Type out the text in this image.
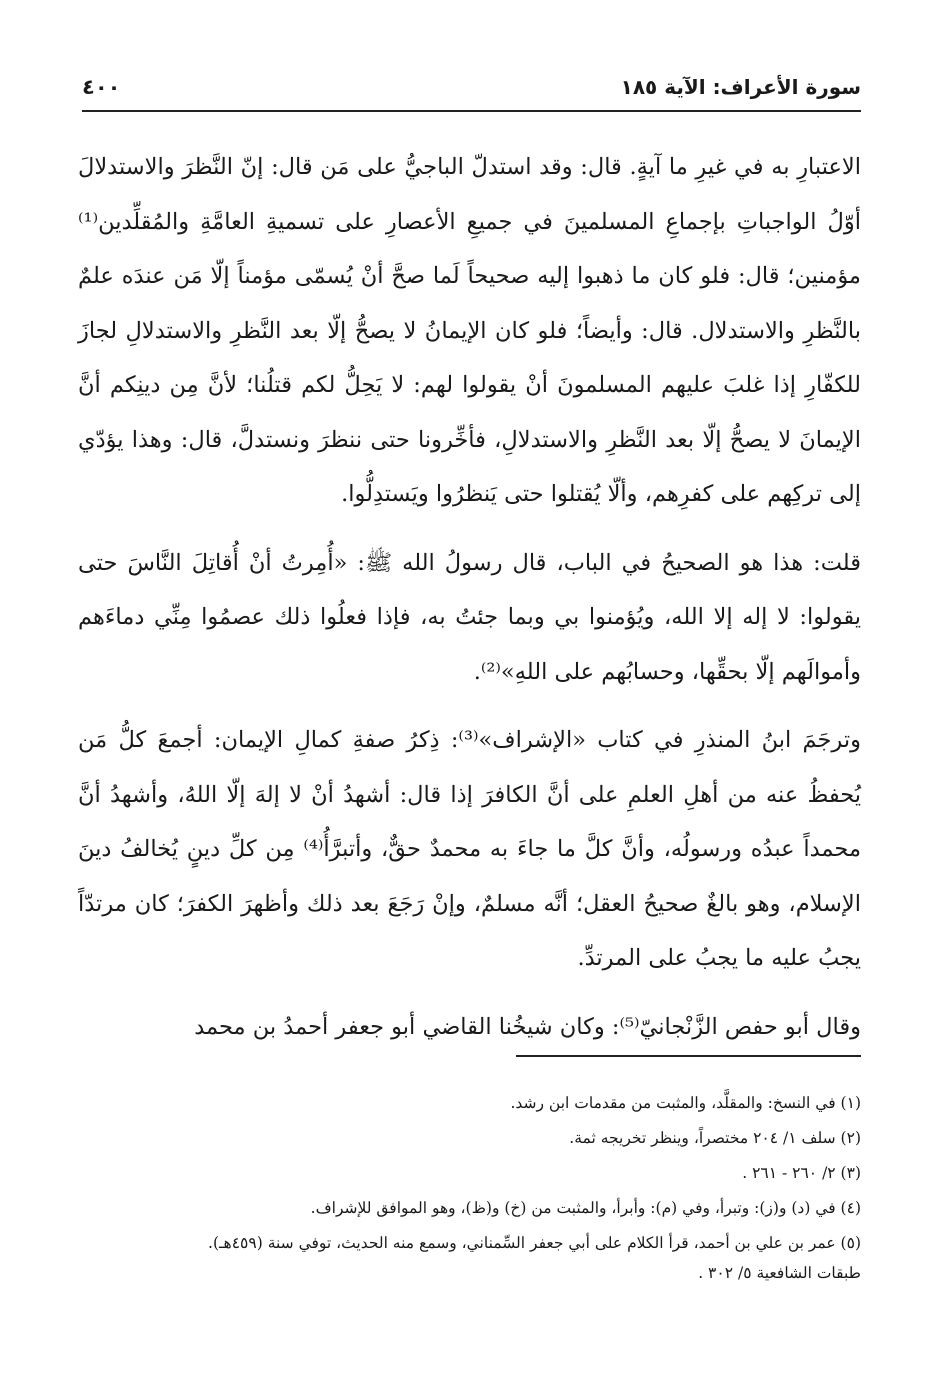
سورة الأعراف: الآية ١٨٥
٤٠٠

الاعتبارِ به في غيرِ ما آيةٍ. قال: وقد استدلّ الباجيُّ على مَن قال: إنّ النَّظرَ والاستدلالَ أوّلُ الواجباتِ بإجماعِ المسلمينَ في جميعِ الأعصارِ على تسميةِ العامَّةِ والمُقلِّدين⁽¹⁾ مؤمنين؛ قال: فلو كان ما ذهبوا إليه صحيحاً لَما صحَّ أنْ يُسمّى مؤمناً إلّا مَن عندَه علمٌ بالنَّظرِ والاستدلال. قال: وأيضاً؛ فلو كان الإيمانُ لا يصحُّ إلّا بعد النَّظرِ والاستدلالِ لجازَ للكفّارِ إذا غلبَ عليهم المسلمونَ أنْ يقولوا لهم: لا يَحِلُّ لكم قتلُنا؛ لأنَّ مِن دينِكم أنَّ الإيمانَ لا يصحُّ إلّا بعد النَّظرِ والاستدلالِ، فأخِّرونا حتى ننظرَ ونستدلَّ، قال: وهذا يؤدّي إلى تركِهم على كفرِهم، وألّا يُقتلوا حتى يَنظرُوا ويَستدِلُّوا.

قلت: هذا هو الصحيحُ في الباب، قال رسولُ الله ﷺ: «أُمِرتُ أنْ أُقاتِلَ النَّاسَ حتى يقولوا: لا إله إلا الله، ويُؤمنوا بي وبما جئتُ به، فإذا فعلُوا ذلك عصمُوا مِنِّي دماءَهم وأموالَهم إلّا بحقِّها، وحسابُهم على اللهِ»⁽²⁾.

وترجَمَ ابنُ المنذرِ في كتاب «الإشراف»⁽³⁾: ذِكرُ صفةِ كمالِ الإيمان: أجمعَ كلُّ مَن يُحفظُ عنه من أهلِ العلمِ على أنَّ الكافرَ إذا قال: أشهدُ أنْ لا إلهَ إلّا اللهُ، وأشهدُ أنَّ محمداً عبدُه ورسولُه، وأنَّ كلَّ ما جاءَ به محمدٌ حقٌّ، وأتبرَّأُ⁽⁴⁾ مِن كلِّ دينٍ يُخالفُ دينَ الإسلام، وهو بالغٌ صحيحُ العقل؛ أنَّه مسلمٌ، وإنْ رَجَعَ بعد ذلك وأظهرَ الكفرَ؛ كان مرتدّاً يجبُ عليه ما يجبُ على المرتدِّ.

وقال أبو حفص الزَّنْجانيّ⁽⁵⁾: وكان شيخُنا القاضي أبو جعفر أحمدُ بن محمد

(١) في النسخ: والمقلَّد، والمثبت من مقدمات ابن رشد.
(٢) سلف ١/ ٢٠٤ مختصراً، وينظر تخريجه ثمة.
(٣) ٢/ ٢٦٠ - ٢٦١ .
(٤) في (د) و(ز): وتبرأ، وفي (م): وأبرأ، والمثبت من (خ) و(ظ)، وهو الموافق للإشراف.
(٥) عمر بن علي بن أحمد، قرأ الكلام على أبي جعفر السِّمناني، وسمع منه الحديث، توفي سنة (٤٥٩هـ).
طبقات الشافعية ٥/ ٣٠٢ .
